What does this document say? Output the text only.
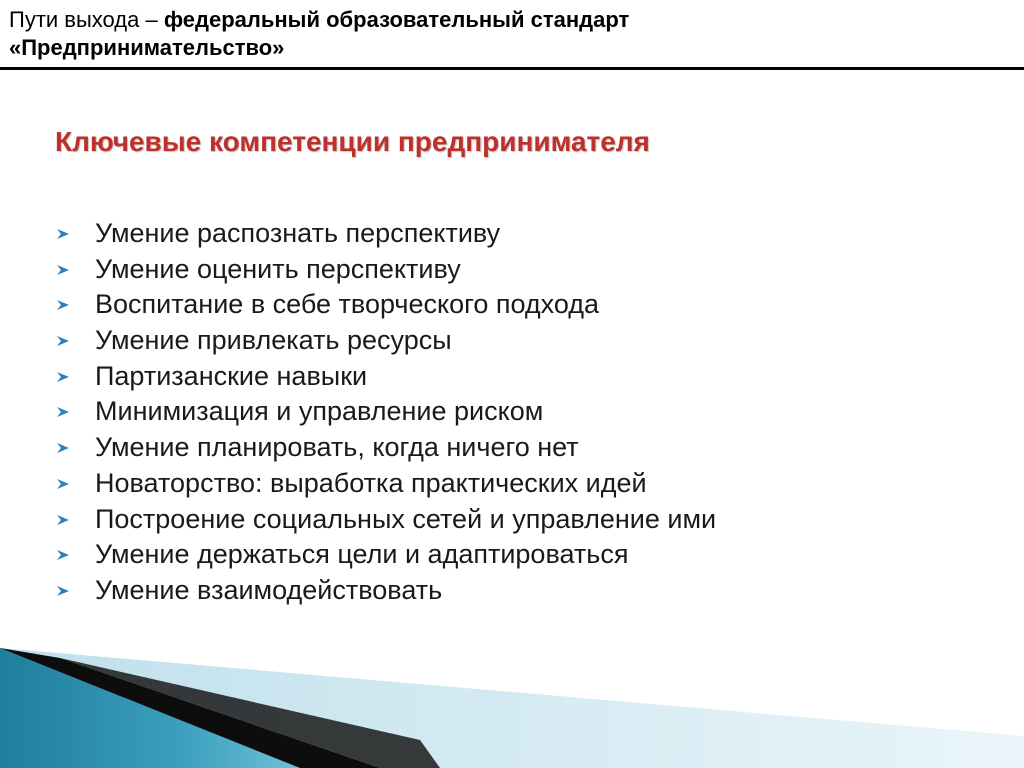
Пути выхода – федеральный образовательный стандарт
«Предпринимательство»
Ключевые компетенции предпринимателя
Умение распознать перспективу
Умение оценить перспективу
Воспитание в себе творческого подхода
Умение привлекать ресурсы
Партизанские навыки
Минимизация и управление риском
Умение планировать, когда ничего нет
Новаторство: выработка практических идей
Построение социальных сетей и управление ими
Умение держаться цели и адаптироваться
Умение взаимодействовать
